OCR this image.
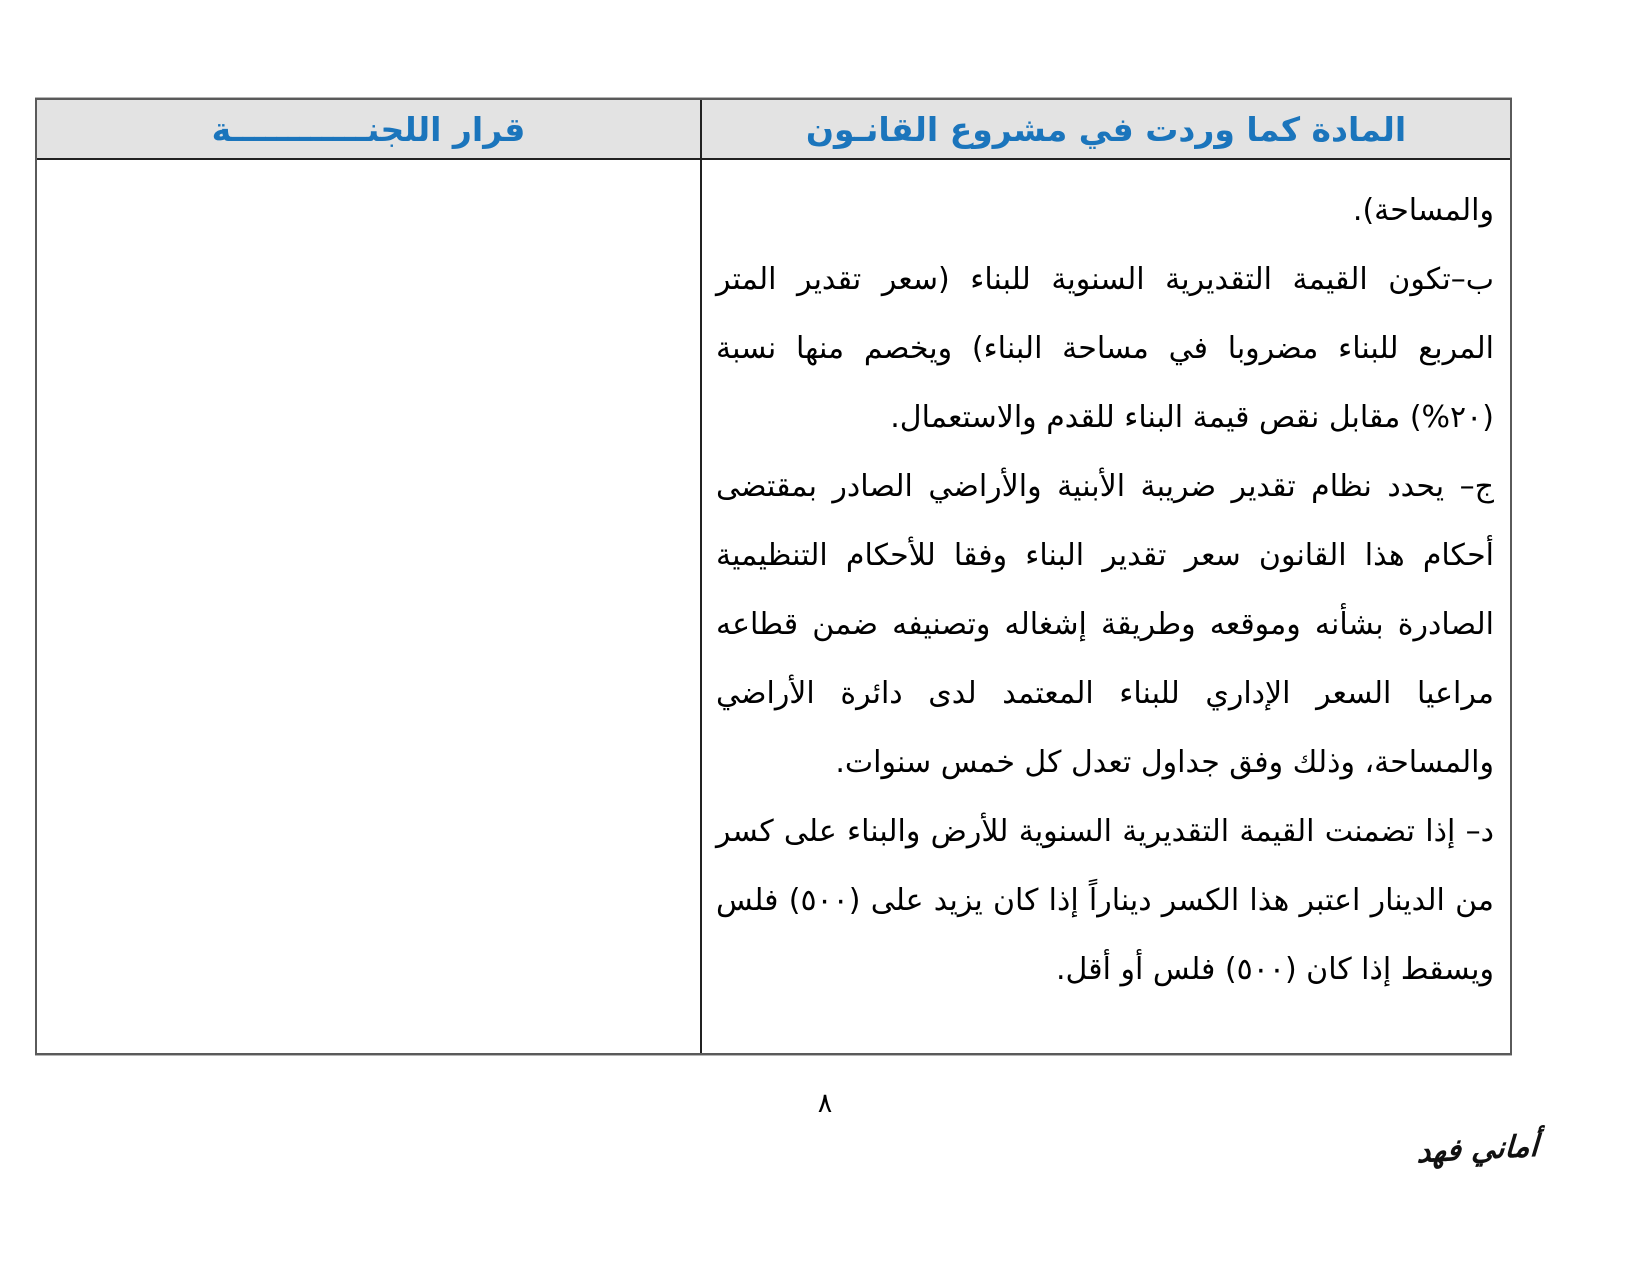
قرار اللجنــــــــــــة	المادة كما وردت في مشروع القانـون

والمساحة).

ب–تكون القيمة التقديرية السنوية للبناء (سعر تقدير المتر المربع للبناء مضروبا في مساحة البناء) ويخصم منها نسبة (٢٠%) مقابل نقص قيمة البناء للقدم والاستعمال.

ج– يحدد نظام تقدير ضريبة الأبنية والأراضي الصادر بمقتضى أحكام هذا القانون سعر تقدير البناء وفقا للأحكام التنظيمية الصادرة بشأنه وموقعه وطريقة إشغاله وتصنيفه ضمن قطاعه مراعيا السعر الإداري للبناء المعتمد لدى دائرة الأراضي والمساحة، وذلك وفق جداول تعدل كل خمس سنوات.

د– إذا تضمنت القيمة التقديرية السنوية للأرض والبناء على كسر من الدينار اعتبر هذا الكسر ديناراً إذا كان يزيد على (٥٠٠) فلس ويسقط إذا كان (٥٠٠) فلس أو أقل.

٨
أماني فهد
